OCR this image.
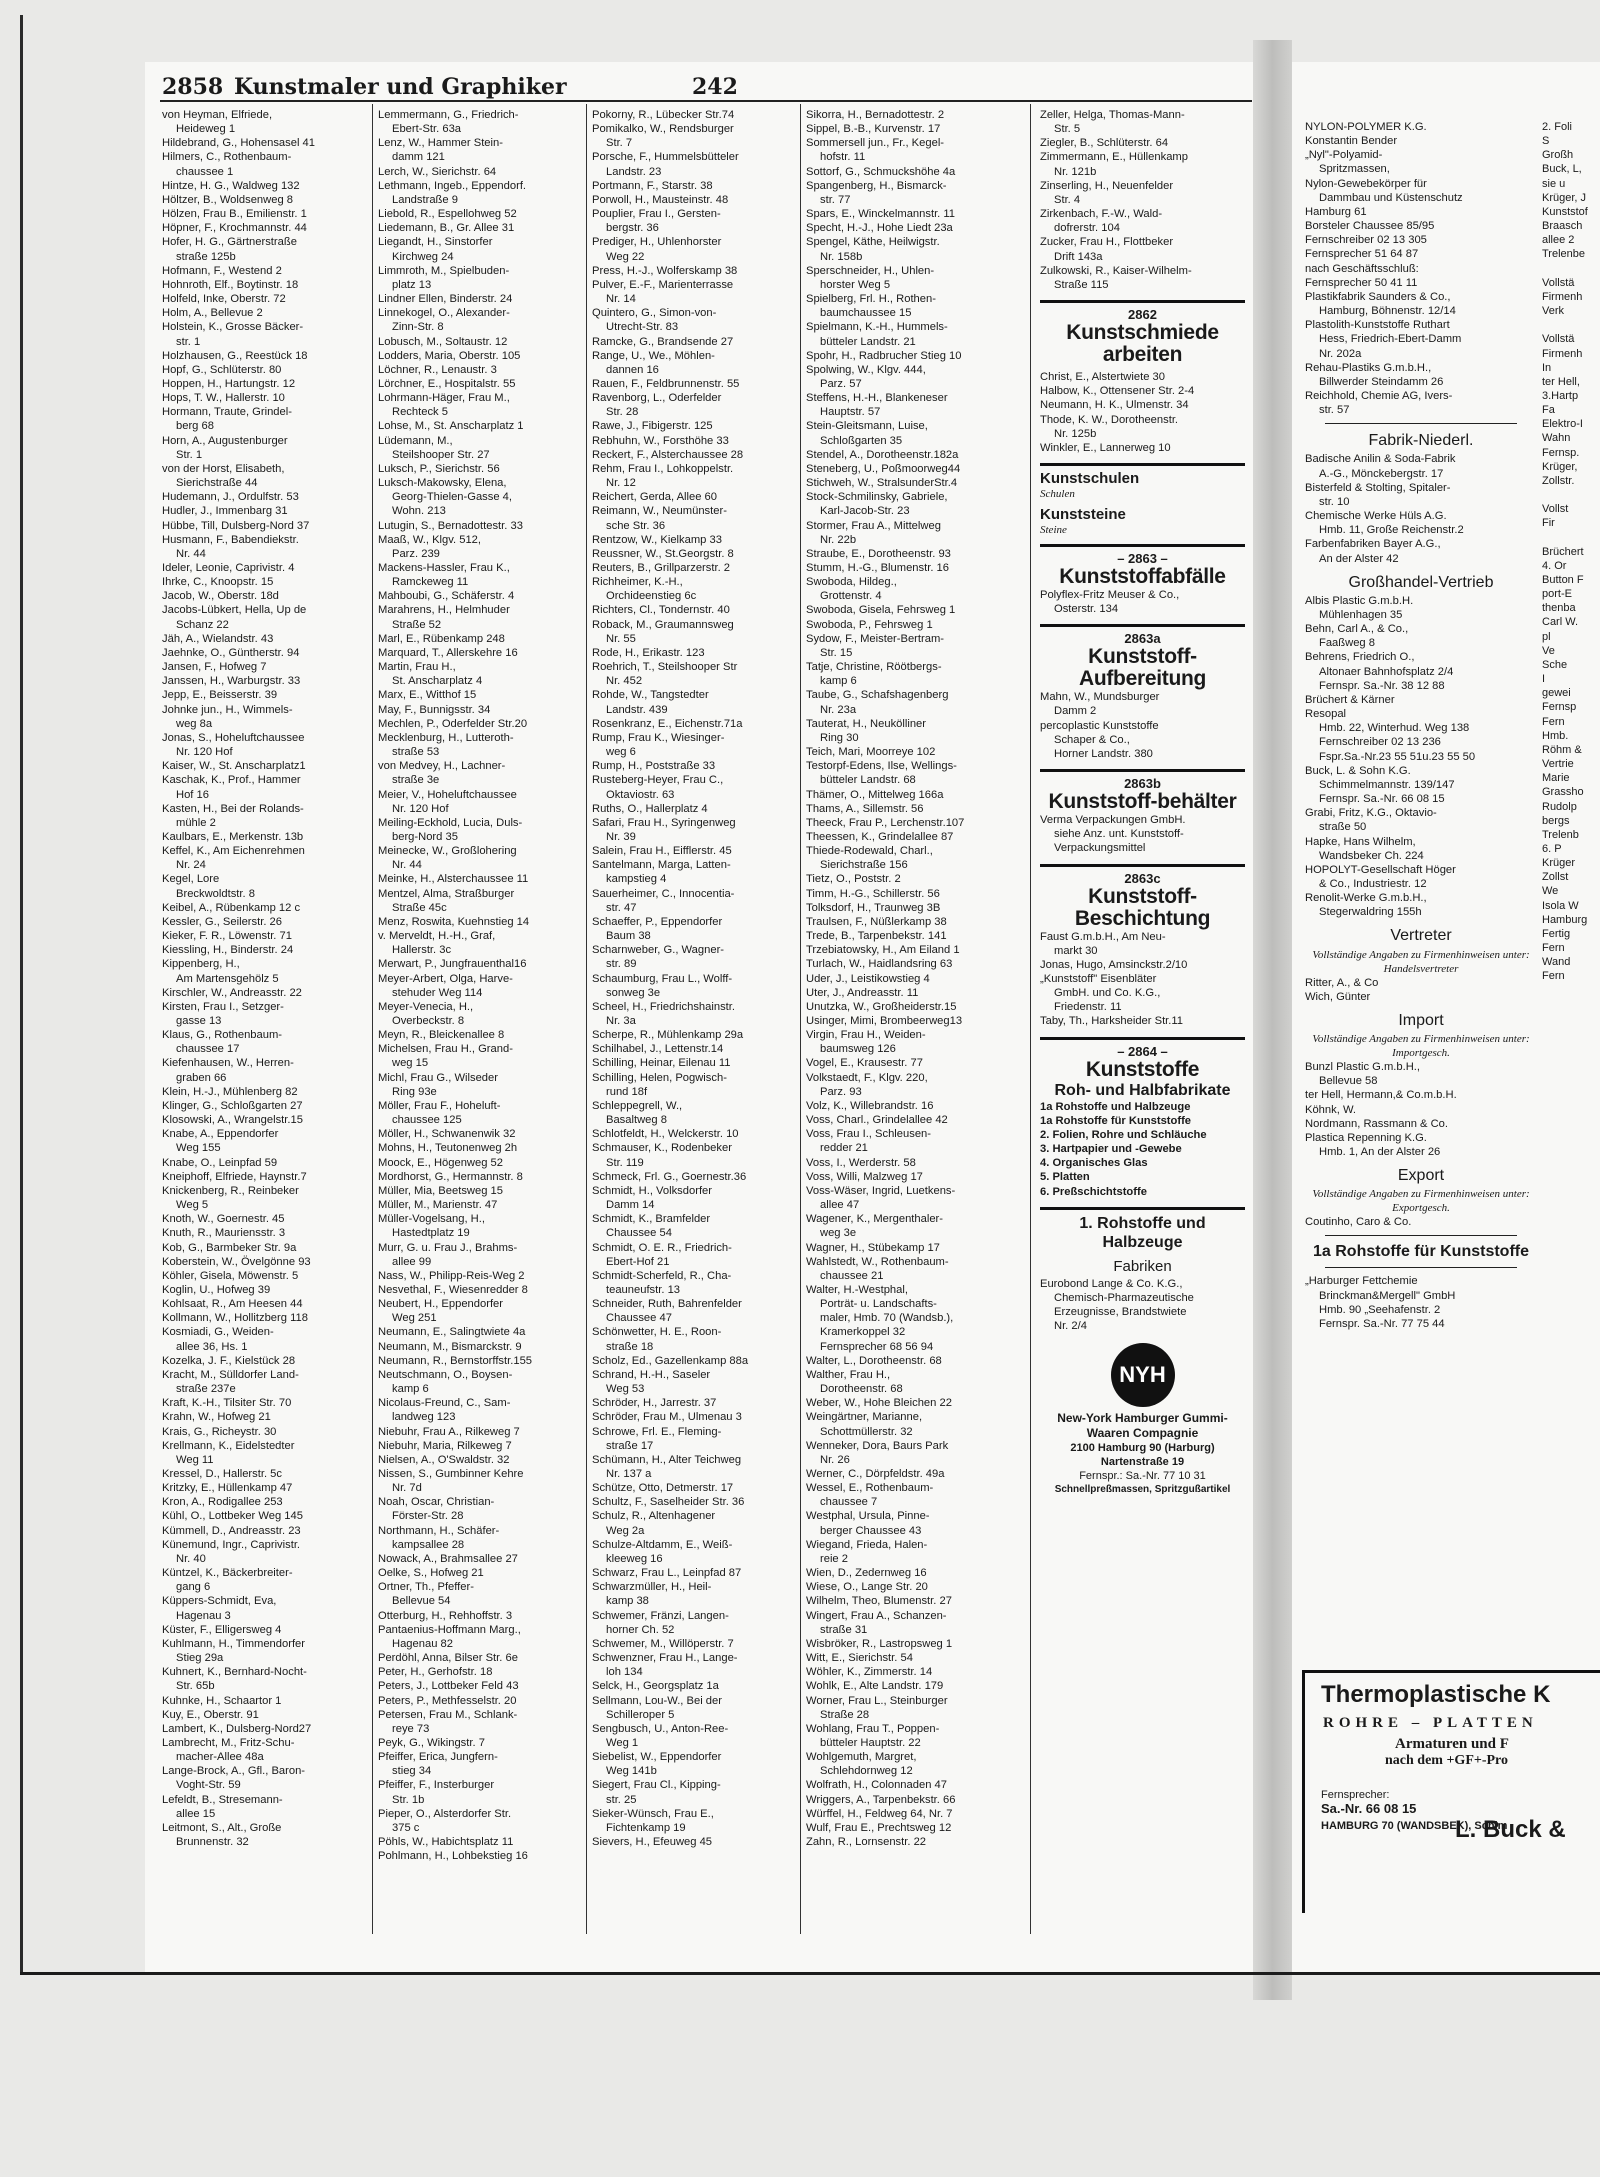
2858 Kunstmaler und Graphiker	242
von Heyman, Elfriede,
Heideweg 1
Hildebrand, G., Hohensasel 41
Hilmers, C., Rothenbaum-
chaussee 1
Hintze, H. G., Waldweg 132
Höltzer, B., Woldsenweg 8
Hölzen, Frau B., Emilienstr. 1
Höpner, F., Krochmannstr. 44
Hofer, H. G., Gärtnerstraße
straße 125b
Hofmann, F., Westend 2
Hohnroth, Elf., Boytinstr. 18
Holfeld, Inke, Oberstr. 72
Holm, A., Bellevue 2
Holstein, K., Grosse Bäcker-
str. 1
Holzhausen, G., Reestück 18
Hopf, G., Schlüterstr. 80
Hoppen, H., Hartungstr. 12
Hops, T. W., Hallerstr. 10
Hormann, Traute, Grindel-
berg 68
Horn, A., Augustenburger
Str. 1
von der Horst, Elisabeth,
Sierichstraße 44
Hudemann, J., Ordulfstr. 53
Hudler, J., Immenbarg 31
Hübbe, Till, Dulsberg-Nord 37
Husmann, F., Babendiekstr.
Nr. 44
Ideler, Leonie, Caprivistr. 4
Ihrke, C., Knoopstr. 15
Jacob, W., Oberstr. 18d
Jacobs-Lübkert, Hella, Up de
Schanz 22
Jäh, A., Wielandstr. 43
Jaehnke, O., Güntherstr. 94
Jansen, F., Hofweg 7
Janssen, H., Warburgstr. 33
Jepp, E., Beisserstr. 39
Johnke jun., H., Wimmels-
weg 8a
Jonas, S., Hoheluftchaussee
Nr. 120 Hof
Kaiser, W., St. Anscharplatz1
Kaschak, K., Prof., Hammer
Hof 16
Kasten, H., Bei der Rolands-
mühle 2
Kaulbars, E., Merkenstr. 13b
Keffel, K., Am Eichenrehmen
Nr. 24
Kegel, Lore
Breckwoldtstr. 8
Keibel, A., Rübenkamp 12 c
Kessler, G., Seilerstr. 26
Kieker, F. R., Löwenstr. 71
Kiessling, H., Binderstr. 24
Kippenberg, H.,
Am Martensgehölz 5
Kirschler, W., Andreasstr. 22
Kirsten, Frau I., Setzger-
gasse 13
Klaus, G., Rothenbaum-
chaussee 17
Kiefenhausen, W., Herren-
graben 66
Klein, H.-J., Mühlenberg 82
Klinger, G., Schloßgarten 27
Klosowski, A., Wrangelstr.15
Knabe, A., Eppendorfer
Weg 155
Knabe, O., Leinpfad 59
Kneiphoff, Elfriede, Haynstr.7
Knickenberg, R., Reinbeker
Weg 5
Knoth, W., Goernestr. 45
Knuth, R., Mauriensstr. 3
Kob, G., Barmbeker Str. 9a
Koberstein, W., Övelgönne 93
Köhler, Gisela, Möwenstr. 5
Koglin, U., Hofweg 39
Kohlsaat, R., Am Heesen 44
Kollmann, W., Hollitzberg 118
Kosmiadi, G., Weiden-
allee 36, Hs. 1
Kozelka, J. F., Kielstück 28
Kracht, M., Sülldorfer Land-
straße 237e
Kraft, K.-H., Tilsiter Str. 70
Krahn, W., Hofweg 21
Krais, G., Richeystr. 30
Krellmann, K., Eidelstedter
Weg 11
Kressel, D., Hallerstr. 5c
Kritzky, E., Hüllenkamp 47
Kron, A., Rodigallee 253
Kühl, O., Lottbeker Weg 145
Kümmell, D., Andreasstr. 23
Künemund, Ingr., Caprivistr.
Nr. 40
Küntzel, K., Bäckerbreiter-
gang 6
Küppers-Schmidt, Eva,
Hagenau 3
Küster, F., Elligersweg 4
Kuhlmann, H., Timmendorfer
Stieg 29a
Kuhnert, K., Bernhard-Nocht-
Str. 65b
Kuhnke, H., Schaartor 1
Kuy, E., Oberstr. 91
Lambert, K., Dulsberg-Nord27
Lambrecht, M., Fritz-Schu-
macher-Allee 48a
Lange-Brock, A., Gfl., Baron-
Voght-Str. 59
Lefeldt, B., Stresemann-
allee 15
Leitmont, S., Alt., Große
Brunnenstr. 32
Lemmermann, G., Friedrich-
Ebert-Str. 63a
Lenz, W., Hammer Stein-
damm 121
Lerch, W., Sierichstr. 64
Lethmann, Ingeb., Eppendorf.
Landstraße 9
Liebold, R., Espellohweg 52
Liedemann, B., Gr. Allee 31
Liegandt, H., Sinstorfer
Kirchweg 24
Limmroth, M., Spielbuden-
platz 13
Lindner Ellen, Binderstr. 24
Linnekogel, O., Alexander-
Zinn-Str. 8
Lobusch, M., Soltaustr. 12
Lodders, Maria, Oberstr. 105
Löchner, R., Lenaustr. 3
Lörchner, E., Hospitalstr. 55
Lohrmann-Häger, Frau M.,
Rechteck 5
Lohse, M., St. Anscharplatz 1
Lüdemann, M.,
Steilshooper Str. 27
Luksch, P., Sierichstr. 56
Luksch-Makowsky, Elena,
Georg-Thielen-Gasse 4,
Wohn. 213
Lutugin, S., Bernadottestr. 33
Maaß, W., Klgv. 512,
Parz. 239
Mackens-Hassler, Frau K.,
Ramckeweg 11
Mahboubi, G., Schäferstr. 4
Marahrens, H., Helmhuder
Straße 52
Marl, E., Rübenkamp 248
Marquard, T., Allerskehre 16
Martin, Frau H.,
St. Anscharplatz 4
Marx, E., Witthof 15
May, F., Bunnigsstr. 34
Mechlen, P., Oderfelder Str.20
Mecklenburg, H., Lutteroth-
straße 53
von Medvey, H., Lachner-
straße 3e
Meier, V., Hoheluftchaussee
Nr. 120 Hof
Meiling-Eckhold, Lucia, Duls-
berg-Nord 35
Meinecke, W., Großlohering
Nr. 44
Meinke, H., Alsterchaussee 11
Mentzel, Alma, Straßburger
Straße 45c
Menz, Roswita, Kuehnstieg 14
v. Merveldt, H.-H., Graf,
Hallerstr. 3c
Merwart, P., Jungfrauenthal16
Meyer-Arbert, Olga, Harve-
stehuder Weg 114
Meyer-Venecia, H.,
Overbeckstr. 8
Meyn, R., Bleickenallee 8
Michelsen, Frau H., Grand-
weg 15
Michl, Frau G., Wilseder
Ring 93e
Möller, Frau F., Hoheluft-
chaussee 125
Möller, H., Schwanenwik 32
Mohns, H., Teutonenweg 2h
Moock, E., Högenweg 52
Mordhorst, G., Hermannstr. 8
Müller, Mia, Beetsweg 15
Müller, M., Marienstr. 47
Müller-Vogelsang, H.,
Hastedtplatz 19
Murr, G. u. Frau J., Brahms-
allee 99
Nass, W., Philipp-Reis-Weg 2
Nesvethal, F., Wiesenredder 8
Neubert, H., Eppendorfer
Weg 251
Neumann, E., Salingtwiete 4a
Neumann, M., Bismarckstr. 9
Neumann, R., Bernstorffstr.155
Neutschmann, O., Boysen-
kamp 6
Nicolaus-Freund, C., Sam-
landweg 123
Niebuhr, Frau A., Rilkeweg 7
Niebuhr, Maria, Rilkeweg 7
Nielsen, A., O'Swaldstr. 32
Nissen, S., Gumbinner Kehre
Nr. 7d
Noah, Oscar, Christian-
Förster-Str. 28
Northmann, H., Schäfer-
kampsallee 28
Nowack, A., Brahmsallee 27
Oelke, S., Hofweg 21
Ortner, Th., Pfeffer-
Bellevue 54
Otterburg, H., Rehhoffstr. 3
Pantaenius-Hoffmann Marg.,
Hagenau 82
Perdöhl, Anna, Bilser Str. 6e
Peter, H., Gerhofstr. 18
Peters, J., Lottbeker Feld 43
Peters, P., Methfesselstr. 20
Petersen, Frau M., Schlank-
reye 73
Peyk, G., Wikingstr. 7
Pfeiffer, Erica, Jungfern-
stieg 34
Pfeiffer, F., Insterburger
Str. 1b
Pieper, O., Alsterdorfer Str.
375 c
Pöhls, W., Habichtsplatz 11
Pohlmann, H., Lohbekstieg 16
Pokorny, R., Lübecker Str.74
Pomikalko, W., Rendsburger
Str. 7
Porsche, F., Hummelsbütteler
Landstr. 23
Portmann, F., Starstr. 38
Porwoll, H., Mausteinstr. 48
Pouplier, Frau I., Gersten-
bergstr. 36
Prediger, H., Uhlenhorster
Weg 22
Press, H.-J., Wolferskamp 38
Pulver, E.-F., Marienterrasse
Nr. 14
Quintero, G., Simon-von-
Utrecht-Str. 83
Ramcke, G., Brandsende 27
Range, U., We., Möhlen-
dannen 16
Rauen, F., Feldbrunnenstr. 55
Ravenborg, L., Oderfelder
Str. 28
Rawe, J., Fibigerstr. 125
Rebhuhn, W., Forsthöhe 33
Reckert, F., Alsterchaussee 28
Rehm, Frau I., Lohkoppelstr.
Nr. 12
Reichert, Gerda, Allee 60
Reimann, W., Neumünster-
sche Str. 36
Rentzow, W., Kielkamp 33
Reussner, W., St.Georgstr. 8
Reuters, B., Grillparzerstr. 2
Richheimer, K.-H.,
Orchideenstieg 6c
Richters, Cl., Tondernstr. 40
Roback, M., Graumannsweg
Nr. 55
Rode, H., Erikastr. 123
Roehrich, T., Steilshooper Str
Nr. 452
Rohde, W., Tangstedter
Landstr. 439
Rosenkranz, E., Eichenstr.71a
Rump, Frau K., Wiesinger-
weg 6
Rump, H., Poststraße 33
Rusteberg-Heyer, Frau C.,
Oktaviostr. 63
Ruths, O., Hallerplatz 4
Safari, Frau H., Syringenweg
Nr. 39
Salein, Frau H., Eifflerstr. 45
Santelmann, Marga, Latten-
kampstieg 4
Sauerheimer, C., Innocentia-
str. 47
Schaeffer, P., Eppendorfer
Baum 38
Scharnweber, G., Wagner-
str. 89
Schaumburg, Frau L., Wolff-
sonweg 3e
Scheel, H., Friedrichshainstr.
Nr. 3a
Scherpe, R., Mühlenkamp 29a
Schilhabel, J., Lettenstr.14
Schilling, Heinar, Eilenau 11
Schilling, Helen, Pogwisch-
rund 18f
Schleppegrell, W.,
Basaltweg 8
Schlotfeldt, H., Welckerstr. 10
Schmauser, K., Rodenbeker
Str. 119
Schmeck, Frl. G., Goernestr.36
Schmidt, H., Volksdorfer
Damm 14
Schmidt, K., Bramfelder
Chaussee 54
Schmidt, O. E. R., Friedrich-
Ebert-Hof 21
Schmidt-Scherfeld, R., Cha-
teauneufstr. 13
Schneider, Ruth, Bahrenfelder
Chaussee 47
Schönwetter, H. E., Roon-
straße 18
Scholz, Ed., Gazellenkamp 88a
Schrand, H.-H., Saseler
Weg 53
Schröder, H., Jarrestr. 37
Schröder, Frau M., Ulmenau 3
Schrowe, Frl. E., Fleming-
straße 17
Schümann, H., Alter Teichweg
Nr. 137 a
Schütze, Otto, Detmerstr. 17
Schultz, F., Saselheider Str. 36
Schulz, R., Altenhagener
Weg 2a
Schulze-Altdamm, E., Weiß-
kleeweg 16
Schwarz, Frau L., Leinpfad 87
Schwarzmüller, H., Heil-
kamp 38
Schwemer, Fränzi, Langen-
horner Ch. 52
Schwemer, M., Willöperstr. 7
Schwenzner, Frau H., Lange-
loh 134
Selck, H., Georgsplatz 1a
Sellmann, Lou-W., Bei der
Schilleroper 5
Sengbusch, U., Anton-Ree-
Weg 1
Siebelist, W., Eppendorfer
Weg 141b
Siegert, Frau Cl., Kipping-
str. 25
Sieker-Wünsch, Frau E.,
Fichtenkamp 19
Sievers, H., Efeuweg 45
Sikorra, H., Bernadottestr. 2
Sippel, B.-B., Kurvenstr. 17
Sommersell jun., Fr., Kegel-
hofstr. 11
Sottorf, G., Schmuckshöhe 4a
Spangenberg, H., Bismarck-
str. 77
Spars, E., Winckelmannstr. 11
Specht, H.-J., Hohe Liedt 23a
Spengel, Käthe, Heilwigstr.
Nr. 158b
Sperschneider, H., Uhlen-
horster Weg 5
Spielberg, Frl. H., Rothen-
baumchaussee 15
Spielmann, K.-H., Hummels-
bütteler Landstr. 21
Spohr, H., Radbrucher Stieg 10
Spolwing, W., Klgv. 444,
Parz. 57
Steffens, H.-H., Blankeneser
Hauptstr. 57
Stein-Gleitsmann, Luise,
Schloßgarten 35
Stendel, A., Dorotheenstr.182a
Steneberg, U., Poßmoorweg44
Stichweh, W., StralsunderStr.4
Stock-Schmilinsky, Gabriele,
Karl-Jacob-Str. 23
Stormer, Frau A., Mittelweg
Nr. 22b
Straube, E., Dorotheenstr. 93
Stumm, H.-G., Blumenstr. 16
Swoboda, Hildeg.,
Grottenstr. 4
Swoboda, Gisela, Fehrsweg 1
Swoboda, P., Fehrsweg 1
Sydow, F., Meister-Bertram-
Str. 15
Tatje, Christine, Röötbergs-
kamp 6
Taube, G., Schafshagenberg
Nr. 23a
Tauterat, H., Neukölliner
Ring 30
Teich, Mari, Moorreye 102
Testorpf-Edens, Ilse, Wellings-
bütteler Landstr. 68
Thämer, O., Mittelweg 166a
Thams, A., Sillemstr. 56
Theeck, Frau P., Lerchenstr.107
Theessen, K., Grindelallee 87
Thiede-Rodewald, Charl.,
Sierichstraße 156
Tietz, O., Poststr. 2
Timm, H.-G., Schillerstr. 56
Tolksdorf, H., Traunweg 3B
Traulsen, F., Nüßlerkamp 38
Trede, B., Tarpenbekstr. 141
Trzebiatowsky, H., Am Eiland 1
Turlach, W., Haidlandsring 63
Uder, J., Leistikowstieg 4
Uter, J., Andreasstr. 11
Unutzka, W., Großheiderstr.15
Usinger, Mimi, Brombeerweg13
Virgin, Frau H., Weiden-
baumsweg 126
Vogel, E., Krausestr. 77
Volkstaedt, F., Klgv. 220,
Parz. 93
Volz, K., Willebrandstr. 16
Voss, Charl., Grindelallee 42
Voss, Frau I., Schleusen-
redder 21
Voss, I., Werderstr. 58
Voss, Willi, Malzweg 17
Voss-Wäser, Ingrid, Luetkens-
allee 47
Wagener, K., Mergenthaler-
weg 3e
Wagner, H., Stübekamp 17
Wahlstedt, W., Rothenbaum-
chaussee 21
Walter, H.-Westphal,
Porträt- u. Landschafts-
maler, Hmb. 70 (Wandsb.),
Kramerkoppel 32
Fernsprecher 68 56 94
Walter, L., Dorotheenstr. 68
Walther, Frau H.,
Dorotheenstr. 68
Weber, W., Hohe Bleichen 22
Weingärtner, Marianne,
Schottmüllerstr. 32
Wenneker, Dora, Baurs Park
Nr. 26
Werner, C., Dörpfeldstr. 49a
Wessel, E., Rothenbaum-
chaussee 7
Westphal, Ursula, Pinne-
berger Chaussee 43
Wiegand, Frieda, Halen-
reie 2
Wien, D., Zedernweg 16
Wiese, O., Lange Str. 20
Wilhelm, Theo, Blumenstr. 27
Wingert, Frau A., Schanzen-
straße 31
Wisbröker, R., Lastropsweg 1
Witt, E., Sierichstr. 54
Wöhler, K., Zimmerstr. 14
Wohlk, E., Alte Landstr. 179
Worner, Frau L., Steinburger
Straße 28
Wohlang, Frau T., Poppen-
bütteler Hauptstr. 22
Wohlgemuth, Margret,
Schlehdornweg 12
Wolfrath, H., Colonnaden 47
Wriggers, A., Tarpenbekstr. 66
Würffel, H., Feldweg 64, Nr. 7
Wulf, Frau E., Prechtsweg 12
Zahn, R., Lornsenstr. 22
Zeller, Helga, Thomas-Mann-
Str. 5
Ziegler, B., Schlüterstr. 64
Zimmermann, E., Hüllenkamp
Nr. 121b
Zinserling, H., Neuenfelder
Str. 4
Zirkenbach, F.-W., Wald-
dofrerstr. 104
Zucker, Frau H., Flottbeker
Drift 143a
Zulkowski, R., Kaiser-Wilhelm-
Straße 115
2862
Kunstschmiede arbeiten
Christ, E., Alstertwiete 30
Halbow, K., Ottensener Str. 2-4
Neumann, H. K., Ulmenstr. 34
Thode, K. W., Dorotheenstr.
Nr. 125b
Winkler, E., Lannerweg 10
Kunstschulen
Schulen
Kunststeine
Steine
– 2863 –
Kunststoffabfälle
Polyflex-Fritz Meuser & Co.,
Osterstr. 134
2863a
Kunststoff-Aufbereitung
Mahn, W., Mundsburger
Damm 2
percoplastic Kunststoffe
Schaper & Co.,
Horner Landstr. 380
2863b
Kunststoff-behälter
Verma Verpackungen GmbH.
siehe Anz. unt. Kunststoff-
Verpackungsmittel
2863c
Kunststoff-Beschichtung
Faust G.m.b.H., Am Neu-
markt 30
Jonas, Hugo, Amsinckstr.2/10
„Kunststoff" Eisenbläter
GmbH. und Co. K.G.,
Friedenstr. 11
Taby, Th., Harksheider Str.11
– 2864 –
Kunststoffe
Roh- und Halbfabrikate
1a Rohstoffe und Halbzeuge
1a Rohstoffe für Kunststoffe
2. Folien, Rohre und Schläuche
3. Hartpapier und -Gewebe
4. Organisches Glas
5. Platten
6. Preßschichtstoffe
1. Rohstoffe und Halbzeuge
Fabriken
Eurobond Lange & Co. K.G.,
Chemisch-Pharmazeutische
Erzeugnisse, Brandstwiete
Nr. 2/4
NYH
New-York Hamburger Gummi-Waaren Compagnie
2100 Hamburg 90 (Harburg) Nartenstraße 19
Fernspr.: Sa.-Nr. 77 10 31
Schnellpreßmassen, Spritzgußartikel
NYLON-POLYMER K.G.
Konstantin Bender
„Nyl"-Polyamid-
Spritzmassen,
Nylon-Gewebekörper für
Dammbau und Küstenschutz
Hamburg 61
Borsteler Chaussee 85/95
Fernschreiber 02 13 305
Fernsprecher 51 64 87
nach Geschäftsschluß:
Fernsprecher 50 41 11
Plastikfabrik Saunders & Co.,
Hamburg, Böhnenstr. 12/14
Plastolith-Kunststoffe Ruthart
Hess, Friedrich-Ebert-Damm
Nr. 202a
Rehau-Plastiks G.m.b.H.,
Billwerder Steindamm 26
Reichhold, Chemie AG, Ivers-
str. 57
Fabrik-Niederl.
Badische Anilin & Soda-Fabrik
A.-G., Mönckebergstr. 17
Bisterfeld & Stolting, Spitaler-
str. 10
Chemische Werke Hüls A.G.
Hmb. 11, Große Reichenstr.2
Farbenfabriken Bayer A.G.,
An der Alster 42
Großhandel-Vertrieb
Albis Plastic G.m.b.H.
Mühlenhagen 35
Behn, Carl A., & Co.,
Faaßweg 8
Behrens, Friedrich O.,
Altonaer Bahnhofsplatz 2/4
Fernspr. Sa.-Nr. 38 12 88
Brüchert & Kärner
Resopal
Hmb. 22, Winterhud. Weg 138
Fernschreiber 02 13 236
Fspr.Sa.-Nr.23 55 51u.23 55 50
Buck, L. & Sohn K.G.
Schimmelmannstr. 139/147
Fernspr. Sa.-Nr. 66 08 15
Grabi, Fritz, K.G., Oktavio-
straße 50
Hapke, Hans Wilhelm,
Wandsbeker Ch. 224
HOPOLYT-Gesellschaft Höger
& Co., Industriestr. 12
Renolit-Werke G.m.b.H.,
Stegerwaldring 155h
Vertreter
Vollständige Angaben zu Firmenhinweisen unter: Handelsvertreter
Ritter, A., & Co
Wich, Günter
Import
Vollständige Angaben zu Firmenhinweisen unter: Importgesch.
Bunzl Plastic G.m.b.H.,
Bellevue 58
ter Hell, Hermann,& Co.m.b.H.
Köhnk, W.
Nordmann, Rassmann & Co.
Plastica Repenning K.G.
Hmb. 1, An der Alster 26
Export
Vollständige Angaben zu Firmenhinweisen unter: Exportgesch.
Coutinho, Caro & Co.
1a Rohstoffe für Kunststoffe
„Harburger Fettchemie
Brinckman&Mergell" GmbH
Hmb. 90 „Seehafenstr. 2
Fernspr. Sa.-Nr. 77 75 44
2. Foli
S
Großh
Buck, L,
sie u
Krüger, J
Kunststof
Braasch
allee 2
Trelenbe

Vollstä
Firmenh
Verk

Vollstä
Firmenh
In
ter Hell,
3.Hartp
Fa
Elektro-I
Wahn
Fernsp.
Krüger,
Zollstr.

Vollst
Fir

Brüchert
4. Or
Button F
port-E
thenba
Carl W.
pl
Ve
Sche
I
gewei
Fernsp
Fern
Hmb.
Röhm &
Vertrie
Marie
Grassho
Rudolp
bergs
Trelenb
6. P
Krüger
Zollst
We
Isola W
Hamburg
Fertig
Fern
Wand
Fern
Thermoplastische K
ROHRE – PLATTEN
Armaturen und F
nach dem +GF+-Pro
Fernsprecher:
Sa.-Nr. 66 08 15
HAMBURG 70 (WANDSBEK), Schim
L. Buck &
